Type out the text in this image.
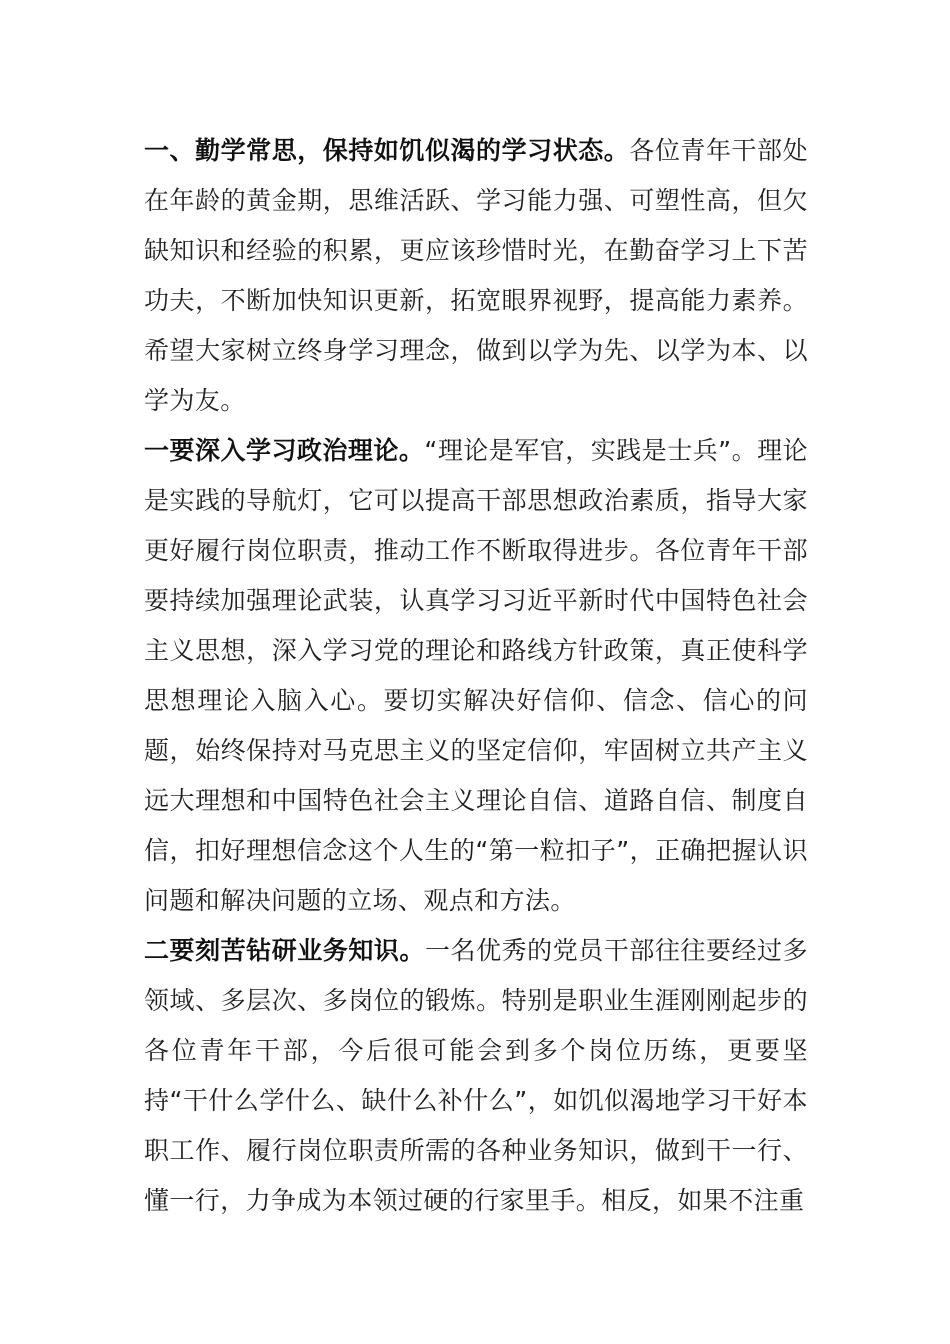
一、勤学常思，保持如饥似渴的学习状态。各位青年干部处在年龄的黄金期，思维活跃、学习能力强、可塑性高，但欠缺知识和经验的积累，更应该珍惜时光，在勤奋学习上下苦功夫，不断加快知识更新，拓宽眼界视野，提高能力素养。希望大家树立终身学习理念，做到以学为先、以学为本、以学为友。

一要深入学习政治理论。“理论是军官，实践是士兵”。理论是实践的导航灯，它可以提高干部思想政治素质，指导大家更好履行岗位职责，推动工作不断取得进步。各位青年干部要持续加强理论武装，认真学习习近平新时代中国特色社会主义思想，深入学习党的理论和路线方针政策，真正使科学思想理论入脑入心。要切实解决好信仰、信念、信心的问题，始终保持对马克思主义的坚定信仰，牢固树立共产主义远大理想和中国特色社会主义理论自信、道路自信、制度自信，扣好理想信念这个人生的“第一粒扣子”，正确把握认识问题和解决问题的立场、观点和方法。

二要刻苦钻研业务知识。一名优秀的党员干部往往要经过多领域、多层次、多岗位的锻炼。特别是职业生涯刚刚起步的各位青年干部，今后很可能会到多个岗位历练，更要坚持“干什么学什么、缺什么补什么”，如饥似渴地学习干好本职工作、履行岗位职责所需的各种业务知识，做到干一行、懂一行，力争成为本领过硬的行家里手。相反，如果不注重
